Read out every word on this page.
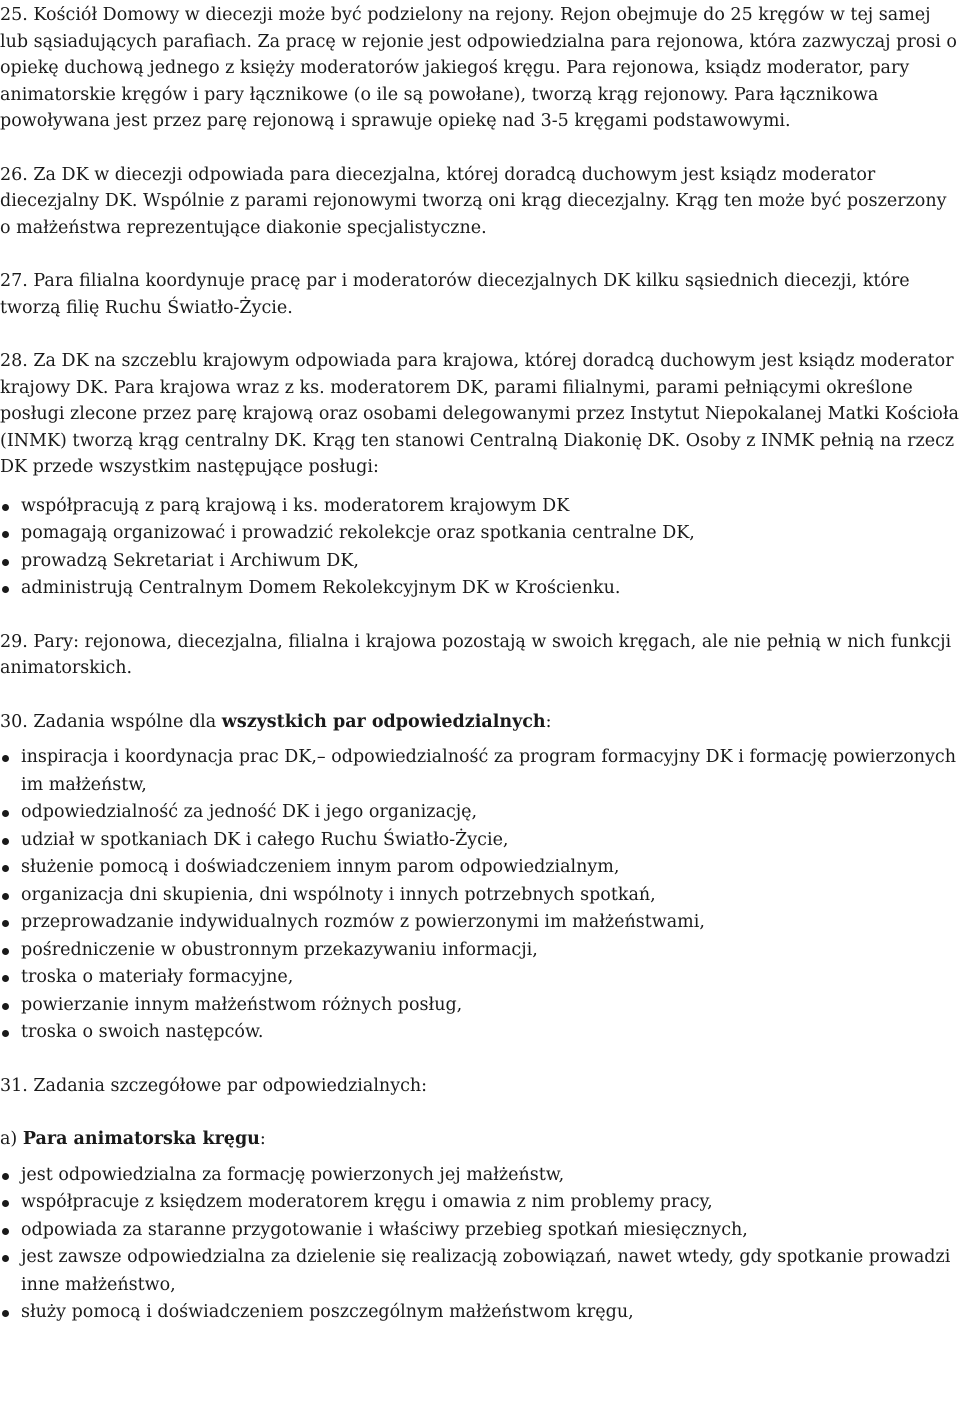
25. Kościół Domowy w diecezji może być podzielony na rejony. Rejon obejmuje do 25 kręgów w tej samej lub sąsiadujących parafiach. Za pracę w rejonie jest odpowiedzialna para rejonowa, która zazwyczaj prosi o opiekę duchową jednego z księży moderatorów jakiegoś kręgu. Para rejonowa, ksiądz moderator, pary animatorskie kręgów i pary łącznikowe (o ile są powołane), tworzą krąg rejonowy. Para łącznikowa powoływana jest przez parę rejonową i sprawuje opiekę nad 3-5 kręgami podstawowymi.

26. Za DK w diecezji odpowiada para diecezjalna, której doradcą duchowym jest ksiądz moderator diecezjalny DK. Wspólnie z parami rejonowymi tworzą oni krąg diecezjalny. Krąg ten może być poszerzony o małżeństwa reprezentujące diakonie specjalistyczne.

27. Para filialna koordynuje pracę par i moderatorów diecezjalnych DK kilku sąsiednich diecezji, które tworzą filię Ruchu Światło-Życie.

28. Za DK na szczeblu krajowym odpowiada para krajowa, której doradcą duchowym jest ksiądz moderator krajowy DK. Para krajowa wraz z ks. moderatorem DK, parami filialnymi, parami pełniącymi określone posługi zlecone przez parę krajową oraz osobami delegowanymi przez Instytut Niepokalanej Matki Kościoła (INMK) tworzą krąg centralny DK. Krąg ten stanowi Centralną Diakonię DK. Osoby z INMK pełnią na rzecz DK przede wszystkim następujące posługi:

współpracują z parą krajową i ks. moderatorem krajowym DK
pomagają organizować i prowadzić rekolekcje oraz spotkania centralne DK,
prowadzą Sekretariat i Archiwum DK,
administrują Centralnym Domem Rekolekcyjnym DK w Krościenku.

29. Pary: rejonowa, diecezjalna, filialna i krajowa pozostają w swoich kręgach, ale nie pełnią w nich funkcji animatorskich.

30. Zadania wspólne dla wszystkich par odpowiedzialnych:

inspiracja i koordynacja prac DK,– odpowiedzialność za program formacyjny DK i formację powierzonych im małżeństw,
odpowiedzialność za jedność DK i jego organizację,
udział w spotkaniach DK i całego Ruchu Światło-Życie,
służenie pomocą i doświadczeniem innym parom odpowiedzialnym,
organizacja dni skupienia, dni wspólnoty i innych potrzebnych spotkań,
przeprowadzanie indywidualnych rozmów z powierzonymi im małżeństwami,
pośredniczenie w obustronnym przekazywaniu informacji,
troska o materiały formacyjne,
powierzanie innym małżeństwom różnych posług,
troska o swoich następców.

31. Zadania szczegółowe par odpowiedzialnych:

a) Para animatorska kręgu:

jest odpowiedzialna za formację powierzonych jej małżeństw,
współpracuje z księdzem moderatorem kręgu i omawia z nim problemy pracy,
odpowiada za staranne przygotowanie i właściwy przebieg spotkań miesięcznych,
jest zawsze odpowiedzialna za dzielenie się realizacją zobowiązań, nawet wtedy, gdy spotkanie prowadzi inne małżeństwo,
służy pomocą i doświadczeniem poszczególnym małżeństwom kręgu,
